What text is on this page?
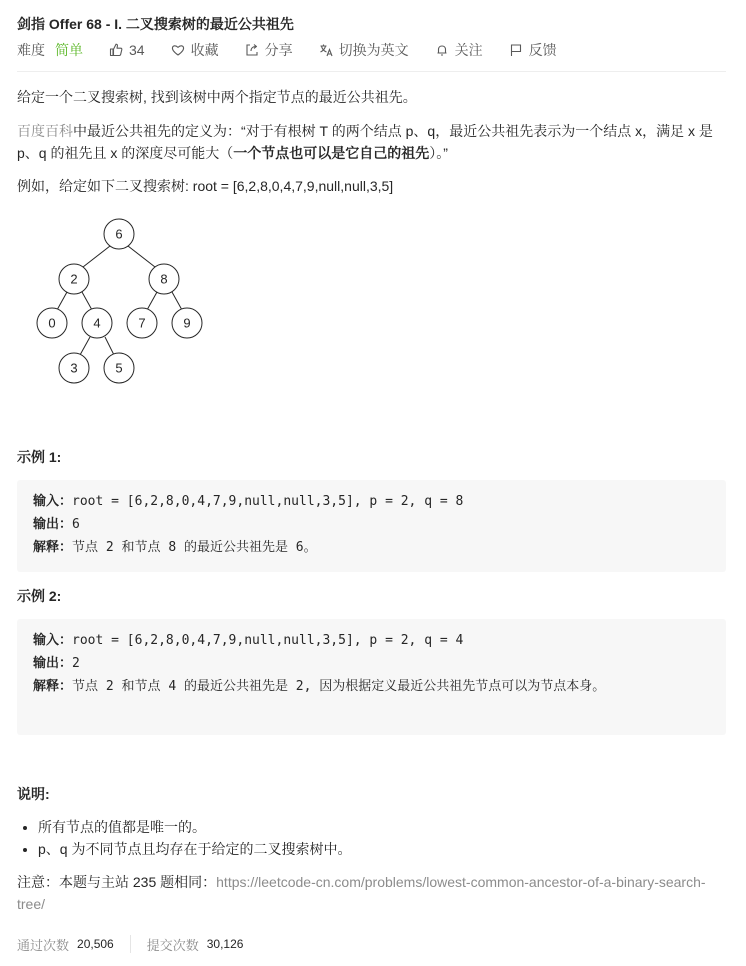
剑指 Offer 68 - I. 二叉搜索树的最近公共祖先
难度 简单	34	收藏	分享	切换为英文	关注	反馈
给定一个二叉搜索树, 找到该树中两个指定节点的最近公共祖先。
百度百科中最近公共祖先的定义为：“对于有根树 T 的两个结点 p、q，最近公共祖先表示为一个结点 x，满足 x 是 p、q 的祖先且 x 的深度尽可能大（一个节点也可以是它自己的祖先）。”
例如，给定如下二叉搜索树: root = [6,2,8,0,4,7,9,null,null,3,5]
6
2	8
0	4	7	9
3	5
示例 1:
输入：root = [6,2,8,0,4,7,9,null,null,3,5], p = 2, q = 8
输出：6
解释：节点 2 和节点 8 的最近公共祖先是 6。
示例 2:
输入：root = [6,2,8,0,4,7,9,null,null,3,5], p = 2, q = 4
输出：2
解释：节点 2 和节点 4 的最近公共祖先是 2, 因为根据定义最近公共祖先节点可以为节点本身。
说明:
• 所有节点的值都是唯一的。
• p、q 为不同节点且均存在于给定的二叉搜索树中。
注意：本题与主站 235 题相同：https://leetcode-cn.com/problems/lowest-common-ancestor-of-a-binary-search-tree/
通过次数 20,506	提交次数 30,126
